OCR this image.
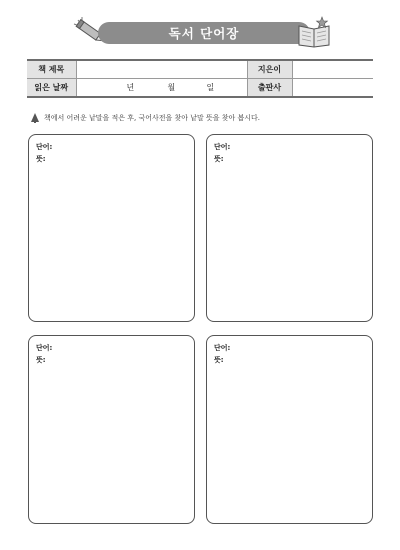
독서 단어장
책 제목		지은이	
읽은 날짜	년 월 일	출판사	
책에서 어려운 낱말을 적은 후, 국어사전을 찾아 낱말 뜻을 찾아 봅시다.
단어:
뜻:
단어:
뜻:
단어:
뜻:
단어:
뜻:
